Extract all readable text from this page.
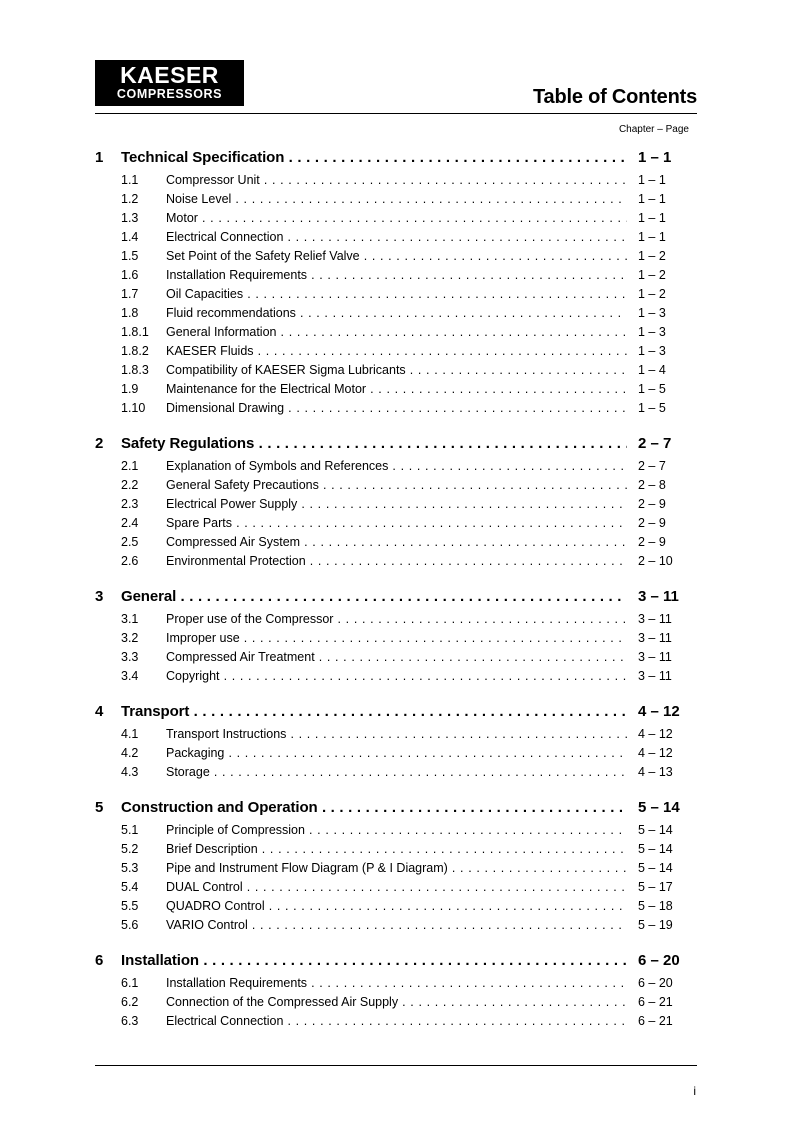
KAESER
COMPRESSORS	Table of Contents
Chapter – Page
1 Technical Specification . . .	1 – 1
1.1 Compressor Unit . . .	1 – 1
1.2 Noise Level . . .	1 – 1
1.3 Motor . . .	1 – 1
1.4 Electrical Connection . . .	1 – 1
1.5 Set Point of the Safety Relief Valve . . .	1 – 2
1.6 Installation Requirements . . .	1 – 2
1.7 Oil Capacities . . .	1 – 2
1.8 Fluid recommendations . . .	1 – 3
1.8.1 General Information . . .	1 – 3
1.8.2 KAESER Fluids . . .	1 – 3
1.8.3 Compatibility of KAESER Sigma Lubricants . . .	1 – 4
1.9 Maintenance for the Electrical Motor . . .	1 – 5
1.10 Dimensional Drawing . . .	1 – 5
2 Safety Regulations . . .	2 – 7
2.1 Explanation of Symbols and References . . .	2 – 7
2.2 General Safety Precautions . . .	2 – 8
2.3 Electrical Power Supply . . .	2 – 9
2.4 Spare Parts . . .	2 – 9
2.5 Compressed Air System . . .	2 – 9
2.6 Environmental Protection . . .	2 – 10
3 General . . .	3 – 11
3.1 Proper use of the Compressor . . .	3 – 11
3.2 Improper use . . .	3 – 11
3.3 Compressed Air Treatment . . .	3 – 11
3.4 Copyright . . .	3 – 11
4 Transport . . .	4 – 12
4.1 Transport Instructions . . .	4 – 12
4.2 Packaging . . .	4 – 12
4.3 Storage . . .	4 – 13
5 Construction and Operation . . .	5 – 14
5.1 Principle of Compression . . .	5 – 14
5.2 Brief Description . . .	5 – 14
5.3 Pipe and Instrument Flow Diagram (P & I Diagram) . . .	5 – 14
5.4 DUAL Control . . .	5 – 17
5.5 QUADRO Control . . .	5 – 18
5.6 VARIO Control . . .	5 – 19
6 Installation . . .	6 – 20
6.1 Installation Requirements . . .	6 – 20
6.2 Connection of the Compressed Air Supply . . .	6 – 21
6.3 Electrical Connection . . .	6 – 21
i
